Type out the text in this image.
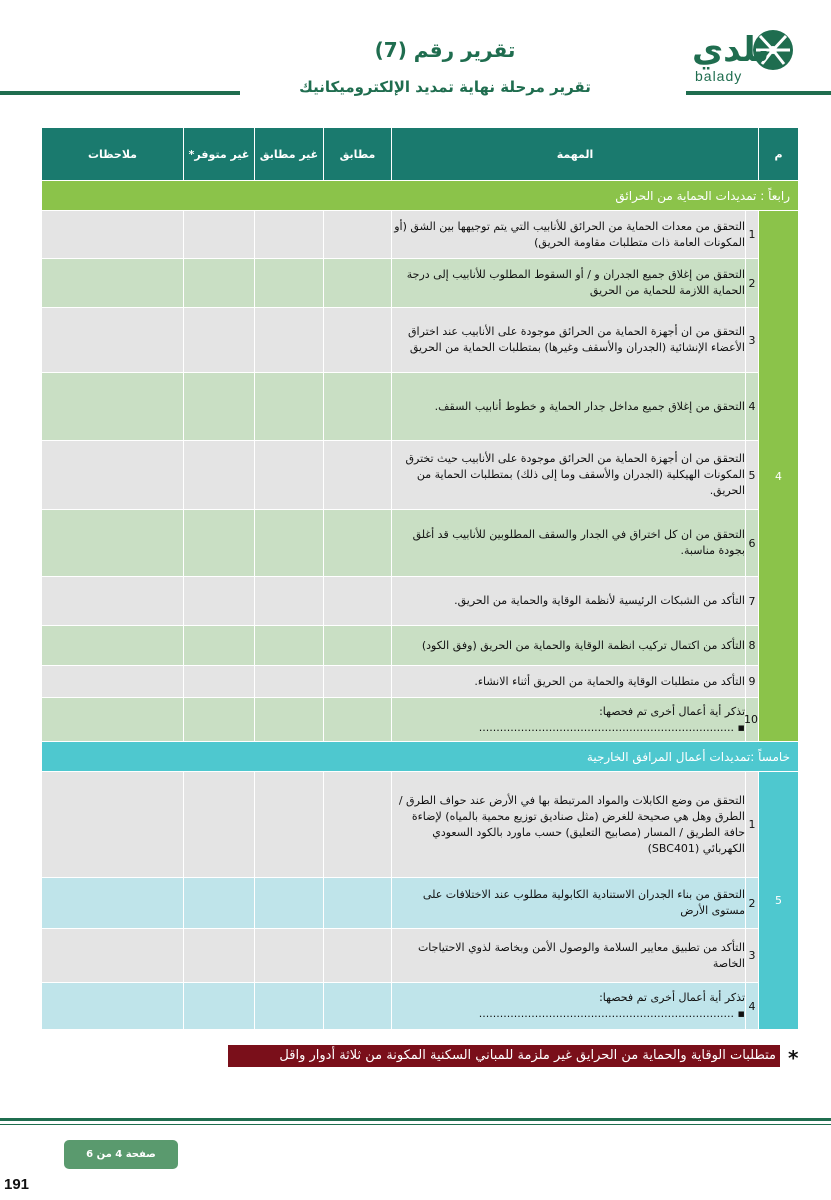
بلدي
balady
تقرير رقم (7)
تقرير مرحلة نهاية تمديد الإلكتروميكانيك
م	المهمة		مطابق	غير مطابق	غير متوفر*	ملاحظات
رابعاً : تمديدات الحماية من الحرائق						
4	1	التحقق من معدات الحماية من الحرائق للأنابيب التي يتم توجيهها بين الشق (أو المكونات العامة ذات متطلبات مقاومة الحريق)				
	2	التحقق من إغلاق جميع الجدران و / أو السقوط المطلوب للأنابيب إلى درجة الحماية اللازمة للحماية من الحريق				
	3	التحقق من ان أجهزة الحماية من الحرائق موجودة على الأنابيب عند اختراق الأعضاء الإنشائية (الجدران والأسقف وغيرها) بمتطلبات الحماية من الحريق				
	4	التحقق من إغلاق جميع مداخل جدار الحماية و خطوط أنابيب السقف.				
	5	التحقق من ان أجهزة الحماية من الحرائق موجودة على الأنابيب حيث تخترق المكونات الهيكلية (الجدران والأسقف وما إلى ذلك) بمتطلبات الحماية من الحريق.				
	6	التحقق من ان كل اختراق في الجدار والسقف المطلوبين للأنابيب قد أغلق بجودة مناسبة.				
	7	التأكد من الشبكات الرئيسية لأنظمة الوقاية والحماية من الحريق.				
	8	التأكد من اكتمال تركيب انظمة الوقاية والحماية من الحريق (وفق الكود)				
	9	التأكد من متطلبات الوقاية والحماية من الحريق أثناء الانشاء.				
	10	تذكر أية أعمال أخرى تم فحصها:
▪ .........................................................................				

خامساً :تمديدات أعمال المرافق الخارجية						
5	1	التحقق من وضع الكابلات والمواد المرتبطة بها في الأرض عند حواف الطرق / الطرق وهل هي صحيحة للغرض (مثل صناديق توزيع محمية بالمياه) لإضاءة حافة الطريق / المسار (مصابيح التعليق) حسب ماورد بالكود السعودي الكهربائي (SBC401)				
	2	التحقق من بناء الجدران الاستنادية الكابولية مطلوب عند الاختلافات على مستوى الأرض				
	3	التأكد من تطبيق معايير السلامة والوصول الأمن وبخاصة لذوي الاحتياجات الخاصة				
	4	تذكر أية أعمال أخرى تم فحصها:
▪ .........................................................................				

*
متطلبات الوقاية والحماية من الحرايق غير ملزمة للمباني السكنية المكونة من ثلاثة أدوار واقل
صفحة 4 من 6
191
